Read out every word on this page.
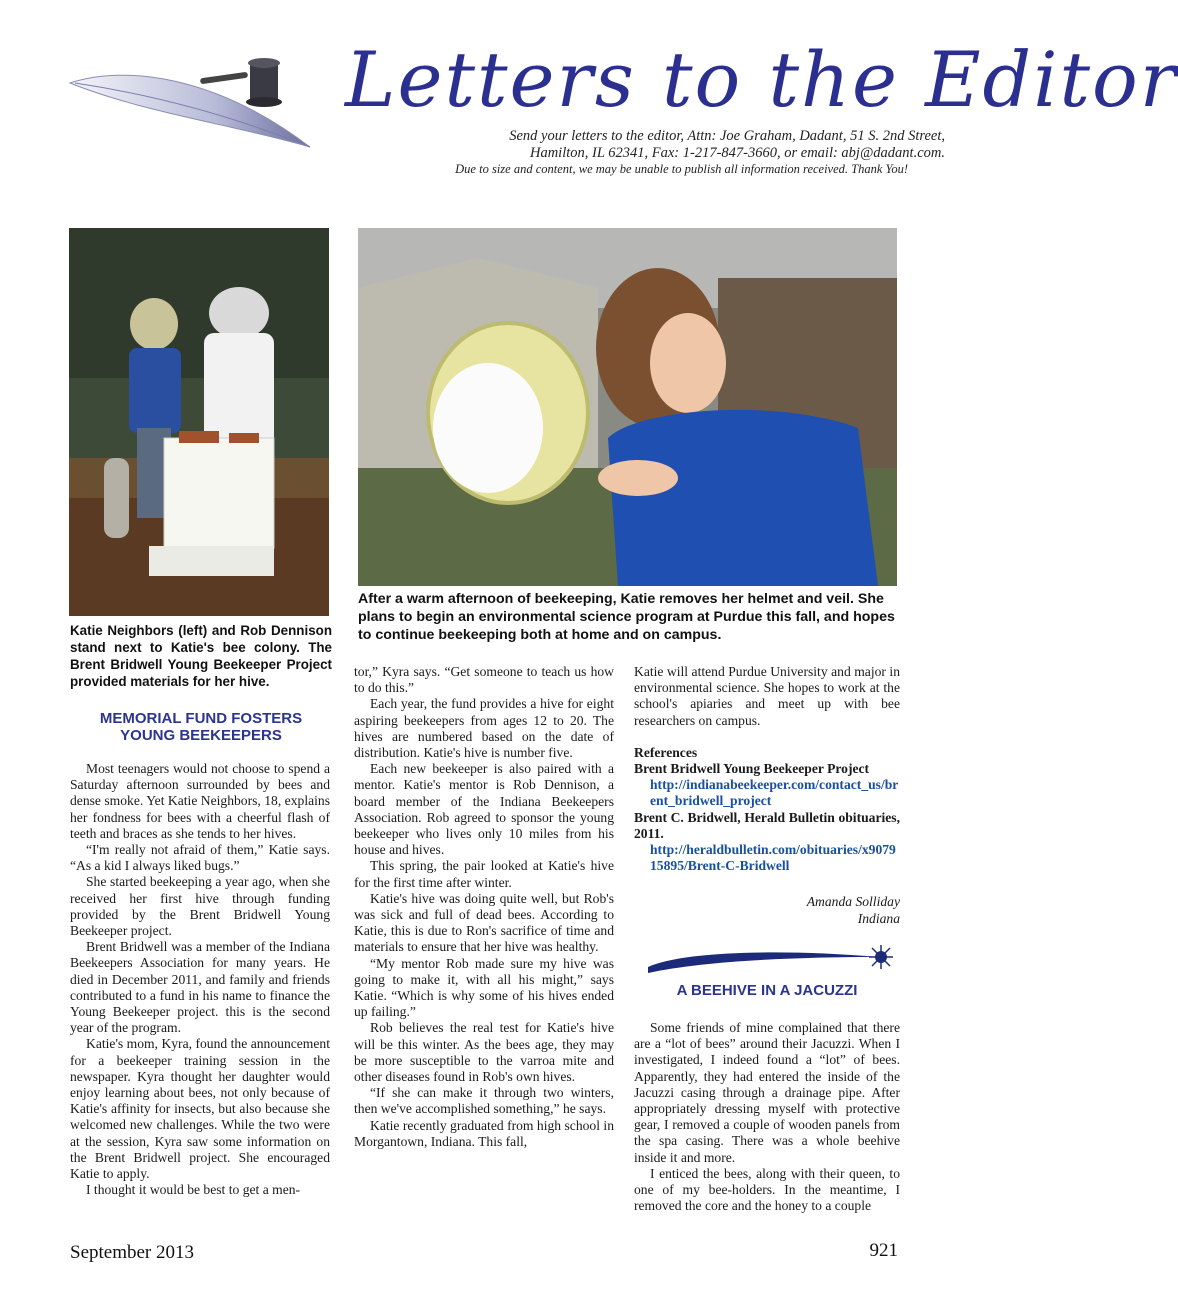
Letters to the Editor
Send your letters to the editor, Attn: Joe Graham, Dadant, 51 S. 2nd Street,
Hamilton, IL 62341, Fax: 1-217-847-3660, or email: abj@dadant.com.
Due to size and content, we may be unable to publish all information received. Thank You!
Katie Neighbors (left) and Rob Dennison stand next to Katie's bee colony. The Brent Bridwell Young Beekeeper Project provided materials for her hive.
After a warm afternoon of beekeeping, Katie removes her helmet and veil. She plans to begin an environmental science program at Purdue this fall, and hopes to continue beekeeping both at home and on campus.
MEMORIAL FUND FOSTERS
YOUNG BEEKEEPERS

Most teenagers would not choose to spend a Saturday afternoon surrounded by bees and dense smoke. Yet Katie Neighbors, 18, explains her fondness for bees with a cheerful flash of teeth and braces as she tends to her hives.

“I'm really not afraid of them,” Katie says. “As a kid I always liked bugs.”

She started beekeeping a year ago, when she received her first hive through funding provided by the Brent Bridwell Young Beekeeper project.

Brent Bridwell was a member of the Indiana Beekeepers Association for many years. He died in December 2011, and family and friends contributed to a fund in his name to finance the Young Beekeeper project. this is the second year of the program.

Katie's mom, Kyra, found the announcement for a beekeeper training session in the newspaper. Kyra thought her daughter would enjoy learning about bees, not only because of Katie's affinity for insects, but also because she welcomed new challenges. While the two were at the session, Kyra saw some information on the Brent Bridwell project. She encouraged Katie to apply.

I thought it would be best to get a men-

tor,” Kyra says. “Get someone to teach us how to do this.”

Each year, the fund provides a hive for eight aspiring beekeepers from ages 12 to 20. The hives are numbered based on the date of distribution. Katie's hive is number five.

Each new beekeeper is also paired with a mentor. Katie's mentor is Rob Dennison, a board member of the Indiana Beekeepers Association. Rob agreed to sponsor the young beekeeper who lives only 10 miles from his house and hives.

This spring, the pair looked at Katie's hive for the first time after winter.

Katie's hive was doing quite well, but Rob's was sick and full of dead bees. According to Katie, this is due to Ron's sacrifice of time and materials to ensure that her hive was healthy.

“My mentor Rob made sure my hive was going to make it, with all his might,” says Katie. “Which is why some of his hives ended up failing.”

Rob believes the real test for Katie's hive will be this winter. As the bees age, they may be more susceptible to the varroa mite and other diseases found in Rob's own hives.

“If she can make it through two winters, then we've accomplished something,” he says.

Katie recently graduated from high school in Morgantown, Indiana. This fall,

Katie will attend Purdue University and major in environmental science. She hopes to work at the school's apiaries and meet up with bee researchers on campus.

References
Brent Bridwell Young Beekeeper Project
http://indianabeekeeper.com/contact_us/brent_bridwell_project
Brent C. Bridwell, Herald Bulletin obituaries, 2011.
http://heraldbulletin.com/obituaries/x907915895/Brent-C-Bridwell
Amanda Solliday
Indiana
A BEEHIVE IN A JACUZZI

Some friends of mine complained that there are a “lot of bees” around their Jacuzzi. When I investigated, I indeed found a “lot” of bees. Apparently, they had entered the inside of the Jacuzzi casing through a drainage pipe. After appropriately dressing myself with protective gear, I removed a couple of wooden panels from the spa casing. There was a whole beehive inside it and more.

I enticed the bees, along with their queen, to one of my bee-holders. In the meantime, I removed the core and the honey to a couple

September 2013	921
